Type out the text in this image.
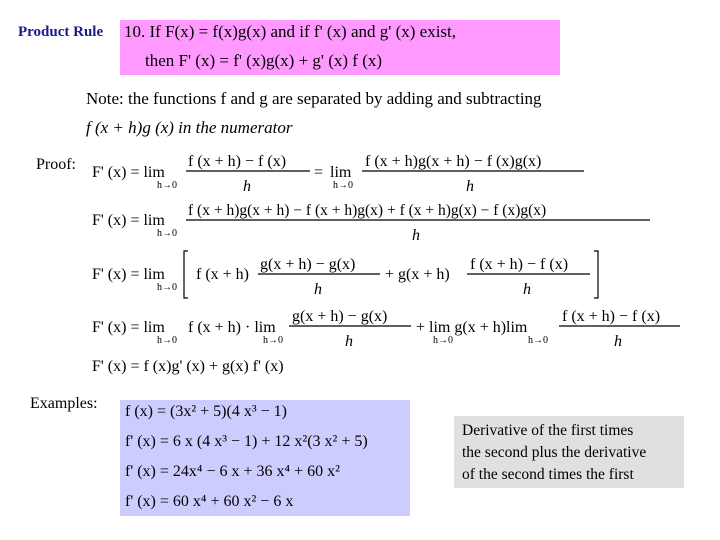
Product Rule 10. If F(x) = f(x)g(x) and if f' (x) and g' (x) exist,
then F' (x) = f' (x)g(x) + g' (x) f (x)
Note: the functions f and g are separated by adding and subtracting
f (x + h)g (x) in the numerator
Proof: F' (x) = lim
h→0
f (x + h) − f (x)
h
= lim
h→0
f (x + h)g(x + h) − f (x)g(x)
h
F' (x) = lim
h→0
f (x + h)g(x + h) − f (x + h)g(x) + f (x + h)g(x) − f (x)g(x)
h
F' (x) = lim
h→0
f (x + h)
g(x + h) − g(x)
h
+ g(x + h)
f (x + h) − f (x)
h
F' (x) = lim
h→0
f (x + h) · lim
h→0
g(x + h) − g(x)
h
+ lim g(x + h)lim
h→0	h→0
f (x + h) − f (x)
h
F' (x) = f (x)g' (x) + g(x) f' (x)
Examples: f (x) = (3x² + 5)(4 x³ − 1)
f' (x) = 6 x (4 x³ − 1) + 12 x²(3 x² + 5)
f' (x) = 24x⁴ − 6 x + 36 x⁴ + 60 x²
f' (x) = 60 x⁴ + 60 x² − 6 x
Derivative of the first times
the second plus the derivative
of the second times the first
